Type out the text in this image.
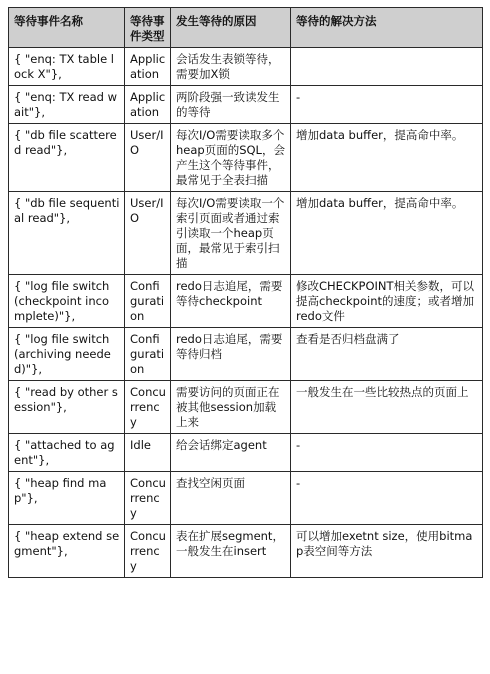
等待事件名称	等待事件类型	发生等待的原因	等待的解决方法
{ "enq: TX table lock X"},	Application	会话发生表锁等待，需要加X锁	
{ "enq: TX read wait"},	Application	两阶段强一致读发生的等待	-
{ "db file scattered read"},	User/IO	每次I/O需要读取多个heap页面的SQL，会产生这个等待事件，最常见于全表扫描	增加data buffer，提高命中率。
{ "db file sequential read"},	User/IO	每次I/O需要读取一个索引页面或者通过索引读取一个heap页面，最常见于索引扫描	增加data buffer，提高命中率。
{ "log file switch(checkpoint incomplete)"},	Configuration	redo日志追尾，需要等待checkpoint	修改CHECKPOINT相关参数，可以提高checkpoint的速度；或者增加redo文件
{ "log file switch(archiving needed)"},	Configuration	redo日志追尾，需要等待归档	查看是否归档盘满了
{ "read by other session"},	Concurrency	需要访问的页面正在被其他session加载上来	一般发生在一些比较热点的页面上
{ "attached to agent"},	Idle	给会话绑定agent	-
{ "heap find map"},	Concurrency	查找空闲页面	-
{ "heap extend segment"},	Concurrency	表在扩展segment，一般发生在insert	可以增加exetnt size，使用bitmap表空间等方法
